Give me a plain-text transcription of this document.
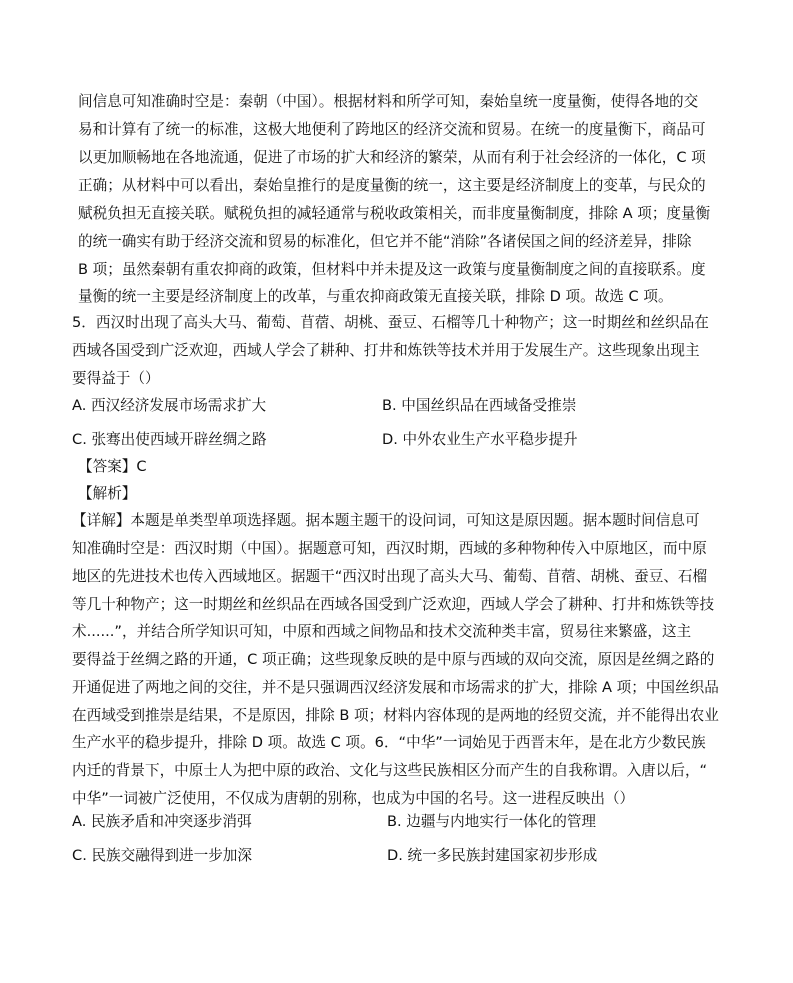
间信息可知准确时空是：秦朝（中国）。根据材料和所学可知，秦始皇统一度量衡，使得各地的交
易和计算有了统一的标准，这极大地便利了跨地区的经济交流和贸易。在统一的度量衡下，商品可
以更加顺畅地在各地流通，促进了市场的扩大和经济的繁荣，从而有利于社会经济的一体化，C 项
正确；从材料中可以看出，秦始皇推行的是度量衡的统一，这主要是经济制度上的变革，与民众的
赋税负担无直接关联。赋税负担的减轻通常与税收政策相关，而非度量衡制度，排除 A 项；度量衡
的统一确实有助于经济交流和贸易的标准化，但它并不能“消除”各诸侯国之间的经济差异，排除
B 项；虽然秦朝有重农抑商的政策，但材料中并未提及这一政策与度量衡制度之间的直接联系。度
量衡的统一主要是经济制度上的改革，与重农抑商政策无直接关联，排除 D 项。故选 C 项。
5．西汉时出现了高头大马、葡萄、苜蓿、胡桃、蚕豆、石榴等几十种物产；这一时期丝和丝织品在
西域各国受到广泛欢迎，西域人学会了耕种、打井和炼铁等技术并用于发展生产。这些现象出现主
要得益于（）
A. 西汉经济发展市场需求扩大	B. 中国丝织品在西域备受推崇
C. 张骞出使西域开辟丝绸之路	D. 中外农业生产水平稳步提升
【答案】C
【解析】
【详解】本题是单类型单项选择题。据本题主题干的设问词，可知这是原因题。据本题时间信息可
知准确时空是：西汉时期（中国）。据题意可知，西汉时期，西域的多种物种传入中原地区，而中原
地区的先进技术也传入西域地区。据题干“西汉时出现了高头大马、葡萄、苜蓿、胡桃、蚕豆、石榴
等几十种物产；这一时期丝和丝织品在西域各国受到广泛欢迎，西域人学会了耕种、打井和炼铁等技
术......”，并结合所学知识可知，中原和西域之间物品和技术交流种类丰富，贸易往来繁盛，这主
要得益于丝绸之路的开通，C 项正确；这些现象反映的是中原与西域的双向交流，原因是丝绸之路的
开通促进了两地之间的交往，并不是只强调西汉经济发展和市场需求的扩大，排除 A 项；中国丝织品
在西域受到推崇是结果，不是原因，排除 B 项；材料内容体现的是两地的经贸交流，并不能得出农业
生产水平的稳步提升，排除 D 项。故选 C 项。6．“中华”一词始见于西晋末年，是在北方少数民族
内迁的背景下，中原士人为把中原的政治、文化与这些民族相区分而产生的自我称谓。入唐以后，“
中华”一词被广泛使用，不仅成为唐朝的别称，也成为中国的名号。这一进程反映出（）
A. 民族矛盾和冲突逐步消弭	B. 边疆与内地实行一体化的管理
C. 民族交融得到进一步加深	D. 统一多民族封建国家初步形成
